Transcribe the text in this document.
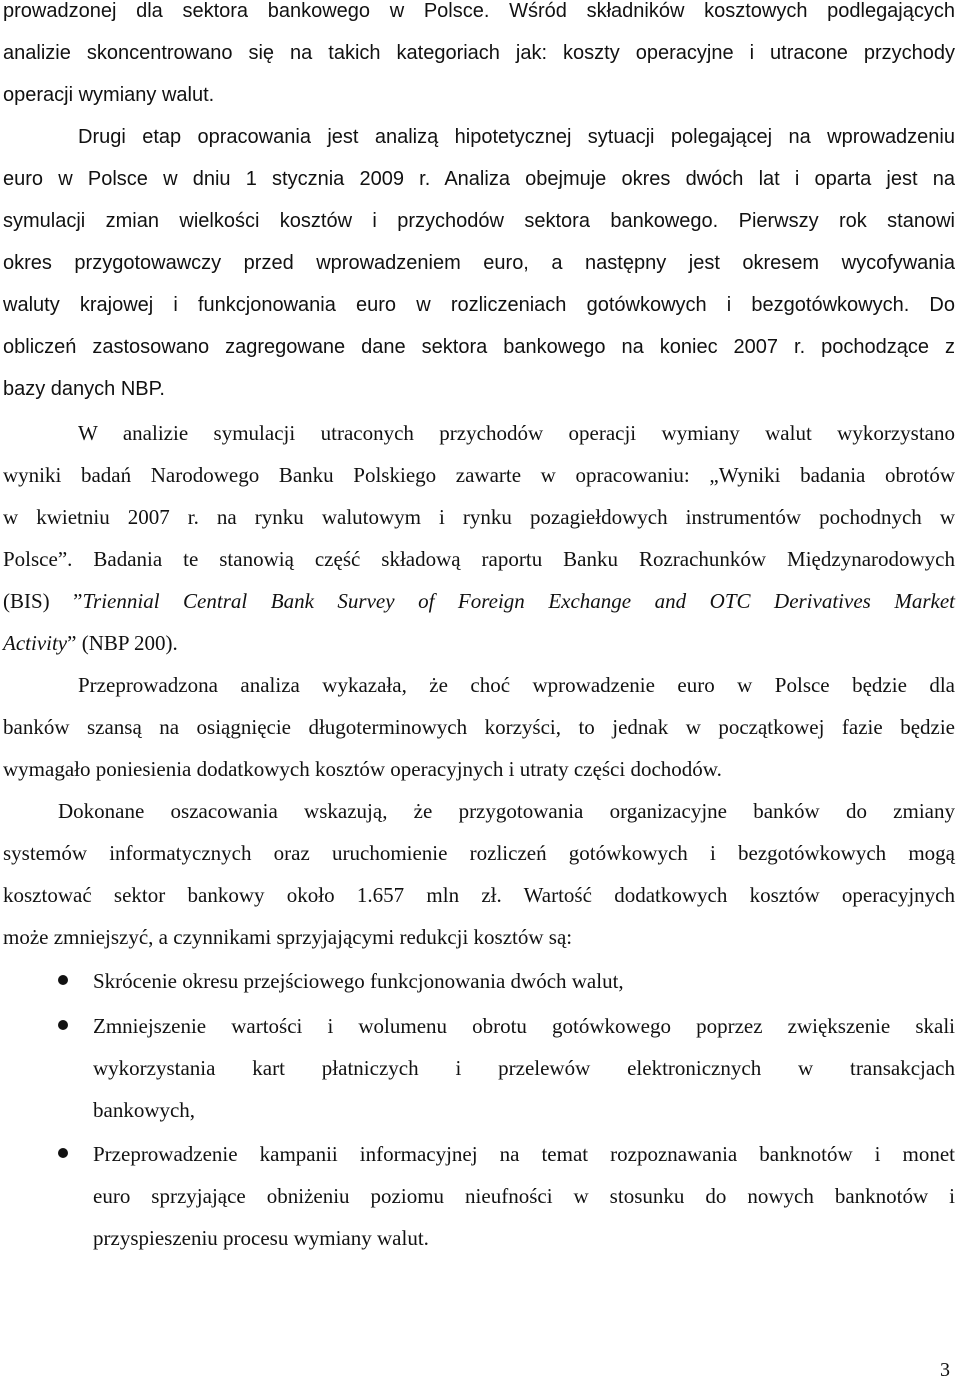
prowadzonej dla sektora bankowego w Polsce. Wśród składników kosztowych podlegających
analizie skoncentrowano się na takich kategoriach jak: koszty operacyjne i utracone przychody
operacji wymiany walut.
Drugi etap opracowania jest analizą hipotetycznej sytuacji polegającej na wprowadzeniu
euro w Polsce w dniu 1 stycznia 2009 r. Analiza obejmuje okres dwóch lat i oparta jest na
symulacji zmian wielkości kosztów i przychodów sektora bankowego. Pierwszy rok stanowi
okres przygotowawczy przed wprowadzeniem euro, a następny jest okresem wycofywania
waluty krajowej i funkcjonowania euro w rozliczeniach gotówkowych i bezgotówkowych. Do
obliczeń zastosowano zagregowane dane sektora bankowego na koniec 2007 r. pochodzące z
bazy danych NBP.
W analizie symulacji utraconych przychodów operacji wymiany walut wykorzystano
wyniki badań Narodowego Banku Polskiego zawarte w opracowaniu: „Wyniki badania obrotów
w kwietniu 2007 r. na rynku walutowym i rynku pozagiełdowych instrumentów pochodnych w
Polsce”. Badania te stanowią część składową raportu Banku Rozrachunków Międzynarodowych
(BIS) ”Triennial Central Bank Survey of Foreign Exchange and OTC Derivatives Market
Activity” (NBP 200).
Przeprowadzona analiza wykazała, że choć wprowadzenie euro w Polsce będzie dla
banków szansą na osiągnięcie długoterminowych korzyści, to jednak w początkowej fazie będzie
wymagało poniesienia dodatkowych kosztów operacyjnych i utraty części dochodów.
Dokonane oszacowania wskazują, że przygotowania organizacyjne banków do zmiany
systemów informatycznych oraz uruchomienie rozliczeń gotówkowych i bezgotówkowych mogą
kosztować sektor bankowy około 1.657 mln zł. Wartość dodatkowych kosztów operacyjnych
może zmniejszyć, a czynnikami sprzyjającymi redukcji kosztów są:
Skrócenie okresu przejściowego funkcjonowania dwóch walut,
Zmniejszenie wartości i wolumenu obrotu gotówkowego poprzez zwiększenie skali
wykorzystania kart płatniczych i przelewów elektronicznych w transakcjach
bankowych,
Przeprowadzenie kampanii informacyjnej na temat rozpoznawania banknotów i monet
euro sprzyjające obniżeniu poziomu nieufności w stosunku do nowych banknotów i
przyspieszeniu procesu wymiany walut.
3
